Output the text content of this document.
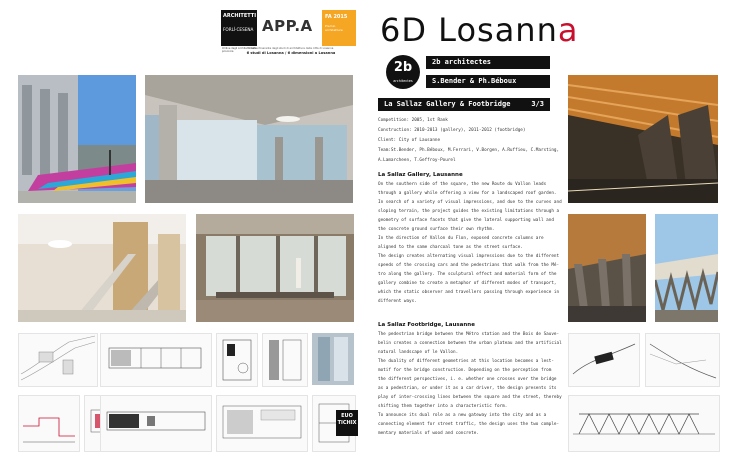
ARCHITETTI
FORLÌ·CESENA
Ordine degli Architetti della provincia
APP.A	FA 2015
Premio architetture
mostra itinerante degli studi di architettura della città di Losanna
6 studi di Losanna / 6 dimensioni a Losanna
6D Losanna
2b
architectes
2b architectes
S.Bender & Ph.Béboux
La Sallaz Gallery & Footbridge	3/3
Competition: 2005, 1st Rank
Construction: 2010-2013 (gallery), 2011-2012 (footbridge)
Client: City of Lausanne
Team:St.Bender, Ph.Béboux, M.Ferrari, V.Borgen, A.Ruffieu, C.Marsting,
A.Lamarcheen, T.Geffroy-Pourel
La Sallaz Gallery, Lausanne
On the southern side of the square, the new Route du Vallon leads
through a gallery while offering a view for a landscaped roof garden.
In search of a variety of visual impressions, and due to the curves and
sloping terrain, the project guides the existing limitations through a
geometry of surface facets that give the lateral supporting wall and
the concrete ground surface their own rhythm.
In the direction of Vallon du Flon, exposed concrete columns are
aligned to the same charcoal tone as the street surface.
The design creates alternating visual impressions due to the different
speeds of the crossing cars and the pedestrians that walk from the Mé-
tro along the gallery. The sculptural effect and material form of the
gallery combine to create a metaphor of different modes of transport,
which the static observer and travellers passing through experience in
different ways.
La Sallaz Footbridge, Lausanne
The pedestrian bridge between the Métro station and the Bois de Sauve-
belin creates a connection between the urban plateau and the artificial
natural landscape of le Vallon.
The duality of different geometries at this location becomes a lest-
motif for the bridge construction. Depending on the perception from
the different perspectives, i. e. whether one crosses over the bridge
as a pedestrian, or under it as a car driver, the design presents its
play of inter-crossing lines between the square and the street, thereby
shifting them together into a characteristic form.
To announce its dual role as a new gateway into the city and as a
connecting element for street traffic, the design uses the two comple-
mentary materials of wood and concrete.
EUO
TICHIX
